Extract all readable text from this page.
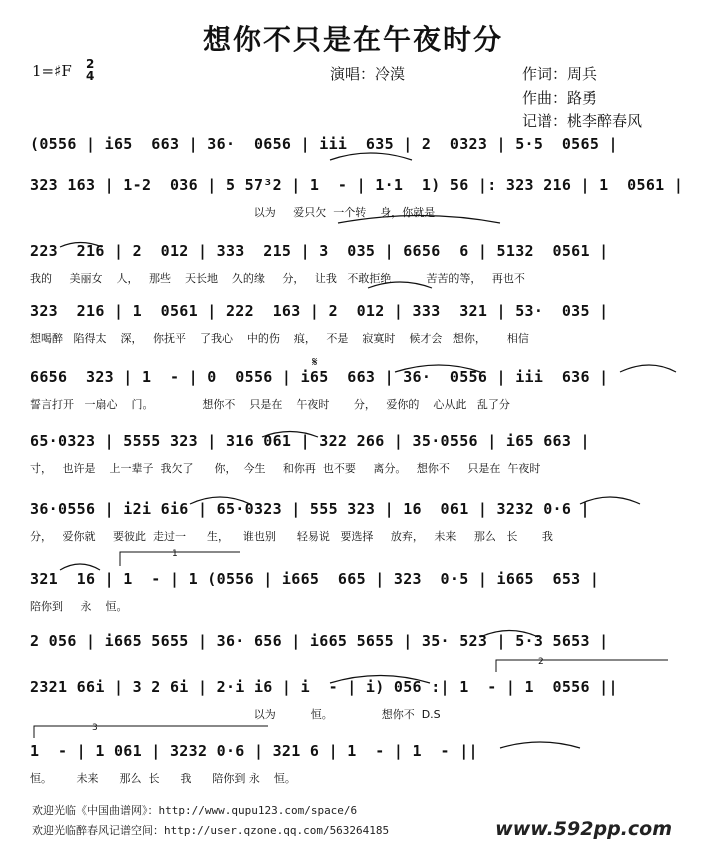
想你不只是在午夜时分
1=♯F 2
4	演唱：冷漠	作词：周兵
作曲：路勇
记谱：桃李醉春风
(0556 | i65  663 | 36·  0656 | iii  635 | 2  0323 | 5·5  0565 |
323 163 | 1-2  036 | 5 57³2 | 1  - | 1·1  1) 56 |: 323 216 | 1  0561 |
以为     爱只欠  一个转    身，你就是
223  216 | 2  012 | 333  215 | 3  035 | 6656  6 | 5132  0561 |
我的     美丽女    人，   那些    天长地    久的缘     分，   让我   不敢拒绝          苦苦的等，   再也不
323  216 | 1  0561 | 222  163 | 2  012 | 333  321 | 53·  035 |
想喝醉   陷得太    深，   你抚平    了我心    中的伤    痕，   不是    寂寞时    候才会   想你，      相信
6656  323 | 1  - | 0  0556 | i65  663 | 36·  0556 | iii  636 |
誓言打开   一扇心    门。              想你不    只是在    午夜时       分，   爱你的    心从此   乱了分
65·0323 | 5555 323 | 316 061 | 322 266 | 35·0556 | i65 663 |
寸，   也许是    上一辈子  我欠了      你，  今生     和你再  也不要     离分。   想你不     只是在  午夜时
36·0556 | i2i 6i6 | 65·0323 | 555 323 | 16  061 | 3232 0·6 |
分，   爱你就     要彼此  走过一      生，    谁也别      轻易说   要选择     放弃，   未来     那么   长       我
321  16 | 1  - | 1 (0556 | i665  665 | 323  0·5 | i665  653 |
陪你到     永    恒。
2 056 | i665 5655 | 36· 656 | i665 5655 | 35· 523 | 5·3 5653 |
2321 66i | 3 2 6i | 2·i i6 | i  - | i) 056 :| 1  - | 1  0556 ||
以为          恒。              想你不  D.S
1  - | 1 061 | 3232 0·6 | 321 6 | 1  - | 1  - ||
恒。       未来      那么  长      我      陪你到 永    恒。
1
2
3
𝄋
欢迎光临《中国曲谱网》：http://www.qupu123.com/space/6
欢迎光临醉春风记谱空间：http://user.qzone.qq.com/563264185	www.592pp.com
